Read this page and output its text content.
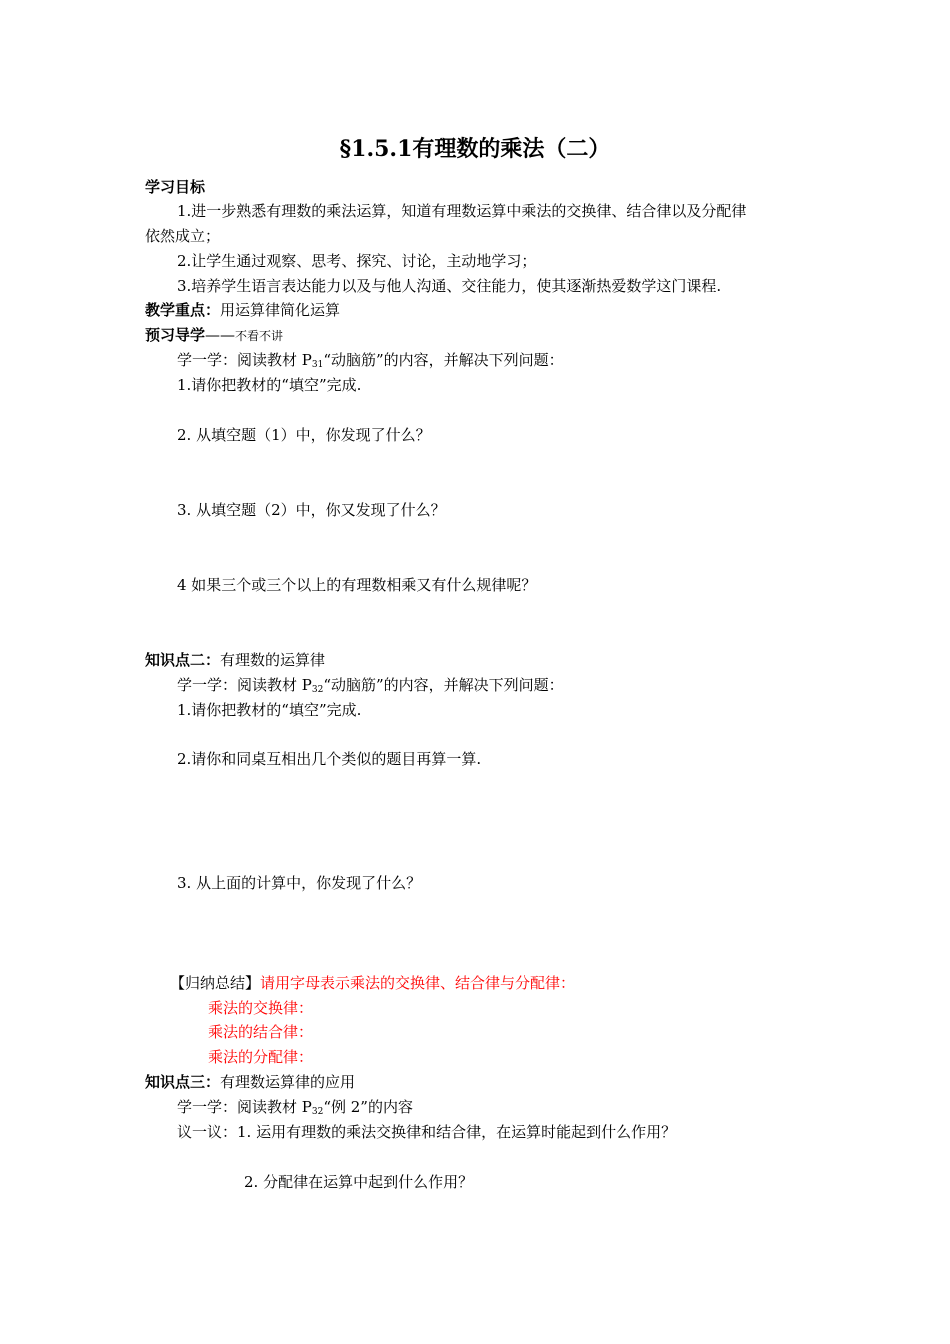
§1.5.1有理数的乘法（二）
学习目标
1.进一步熟悉有理数的乘法运算，知道有理数运算中乘法的交换律、结合律以及分配律
依然成立；
2.让学生通过观察、思考、探究、讨论，主动地学习；
3.培养学生语言表达能力以及与他人沟通、交往能力，使其逐渐热爱数学这门课程.
教学重点：用运算律简化运算
预习导学——不看不讲
学一学：阅读教材 $P_{31}“$动脑筋”的内容，并解决下列问题：
1.请你把教材的“填空”完成.
2. 从填空题（1）中，你发现了什么？
3. 从填空题（2）中，你又发现了什么？
4 如果三个或三个以上的有理数相乘又有什么规律呢？
知识点二：有理数的运算律
学一学：阅读教材 $P_{32}“$动脑筋”的内容，并解决下列问题：
1.请你把教材的“填空”完成.
2.请你和同桌互相出几个类似的题目再算一算.
3. 从上面的计算中，你发现了什么？
【归纳总结】请用字母表示乘法的交换律、结合律与分配律：
乘法的交换律：
乘法的结合律：
乘法的分配律：
知识点三：有理数运算律的应用
学一学：阅读教材 $P_{32}“$例 2”的内容
议一议：1. 运用有理数的乘法交换律和结合律，在运算时能起到什么作用？
2. 分配律在运算中起到什么作用？
